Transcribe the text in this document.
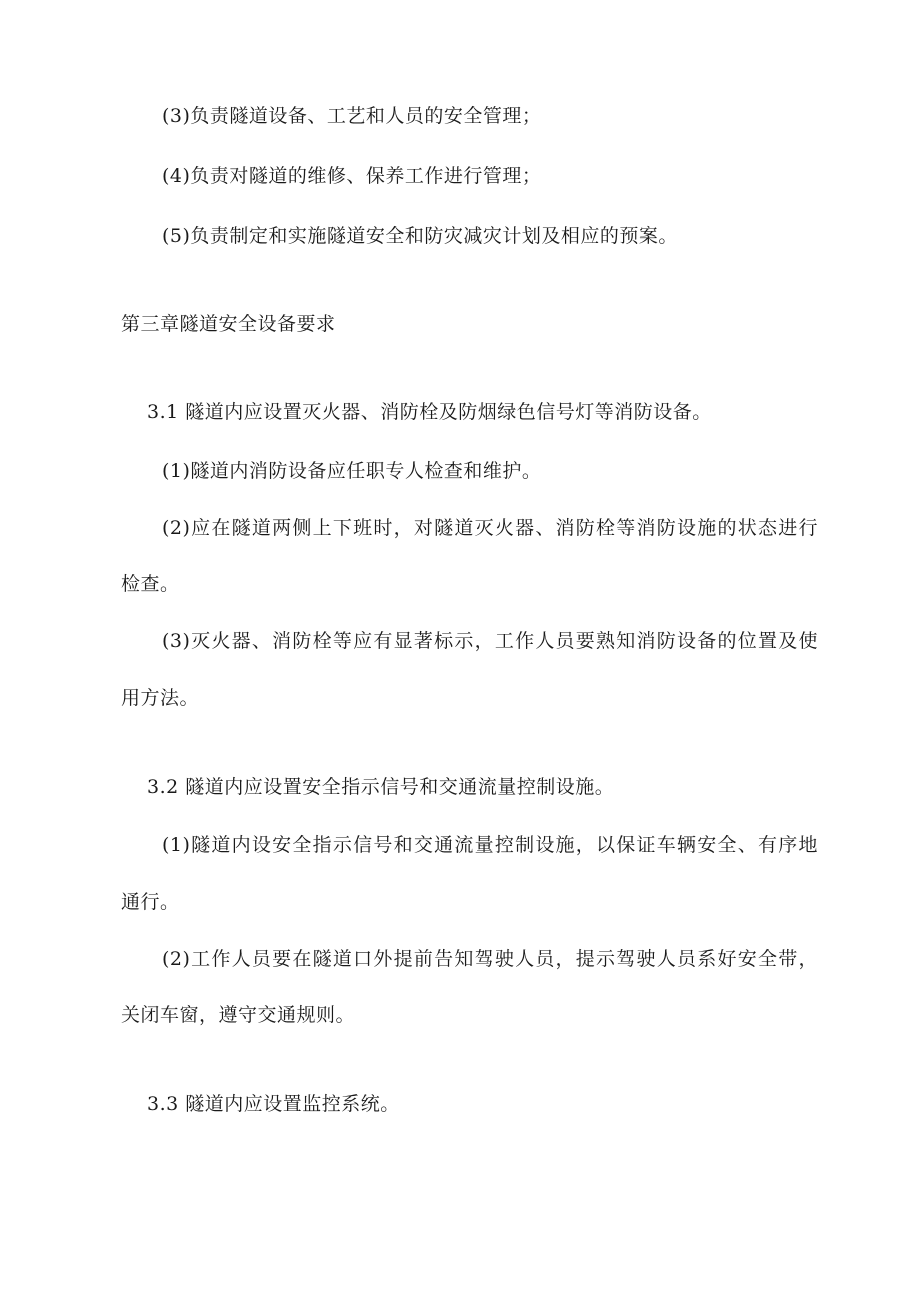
(3)负责隧道设备、工艺和人员的安全管理；
(4)负责对隧道的维修、保养工作进行管理；
(5)负责制定和实施隧道安全和防灾减灾计划及相应的预案。
第三章隧道安全设备要求
3.1 隧道内应设置灭火器、消防栓及防烟绿色信号灯等消防设备。
(1)隧道内消防设备应任职专人检查和维护。
(2)应在隧道两侧上下班时，对隧道灭火器、消防栓等消防设施的状态进行
检查。
(3)灭火器、消防栓等应有显著标示，工作人员要熟知消防设备的位置及使
用方法。
3.2 隧道内应设置安全指示信号和交通流量控制设施。
(1)隧道内设安全指示信号和交通流量控制设施，以保证车辆安全、有序地
通行。
(2)工作人员要在隧道口外提前告知驾驶人员，提示驾驶人员系好安全带，
关闭车窗，遵守交通规则。
3.3 隧道内应设置监控系统。
